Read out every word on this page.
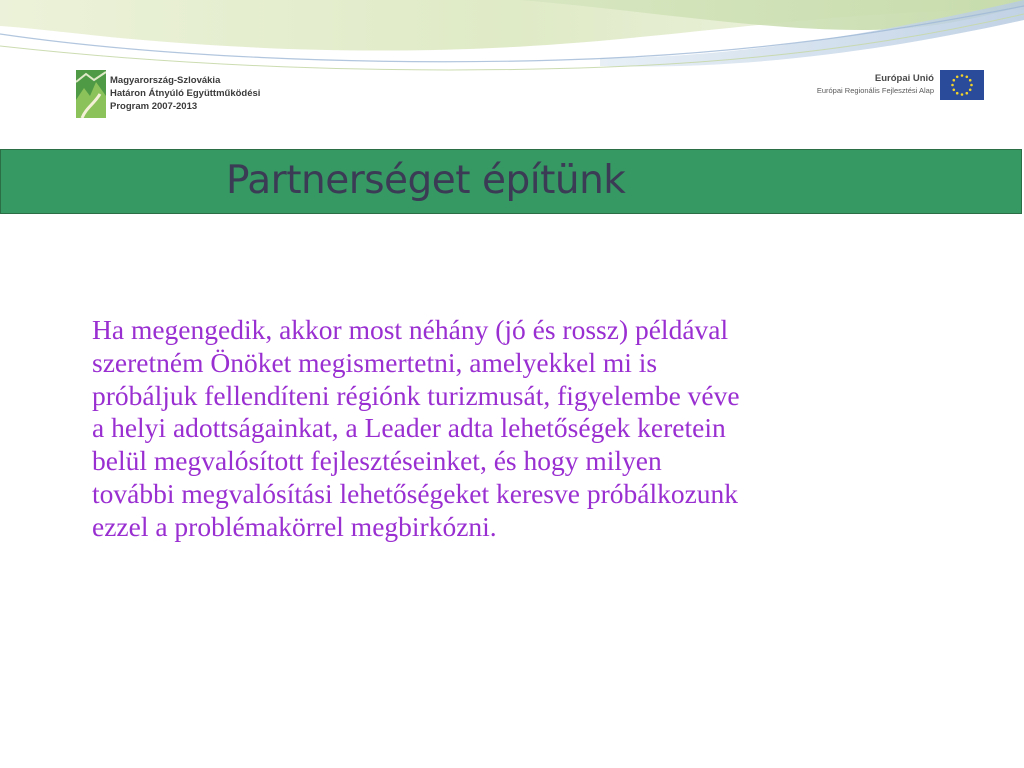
Magyarország-Szlovákia
Határon Átnyúló Együttműködési
Program 2007-2013
Európai Unió
Európai Regionális Fejlesztési Alap
Partnerséget építünk
Ha megengedik, akkor most néhány (jó és rossz) példával
szeretném Önöket megismertetni, amelyekkel mi is
próbáljuk fellendíteni régiónk turizmusát, figyelembe véve
a helyi adottságainkat, a Leader adta lehetőségek keretein
belül megvalósított fejlesztéseinket, és hogy milyen
további megvalósítási lehetőségeket keresve próbálkozunk
ezzel a problémakörrel megbirkózni.
